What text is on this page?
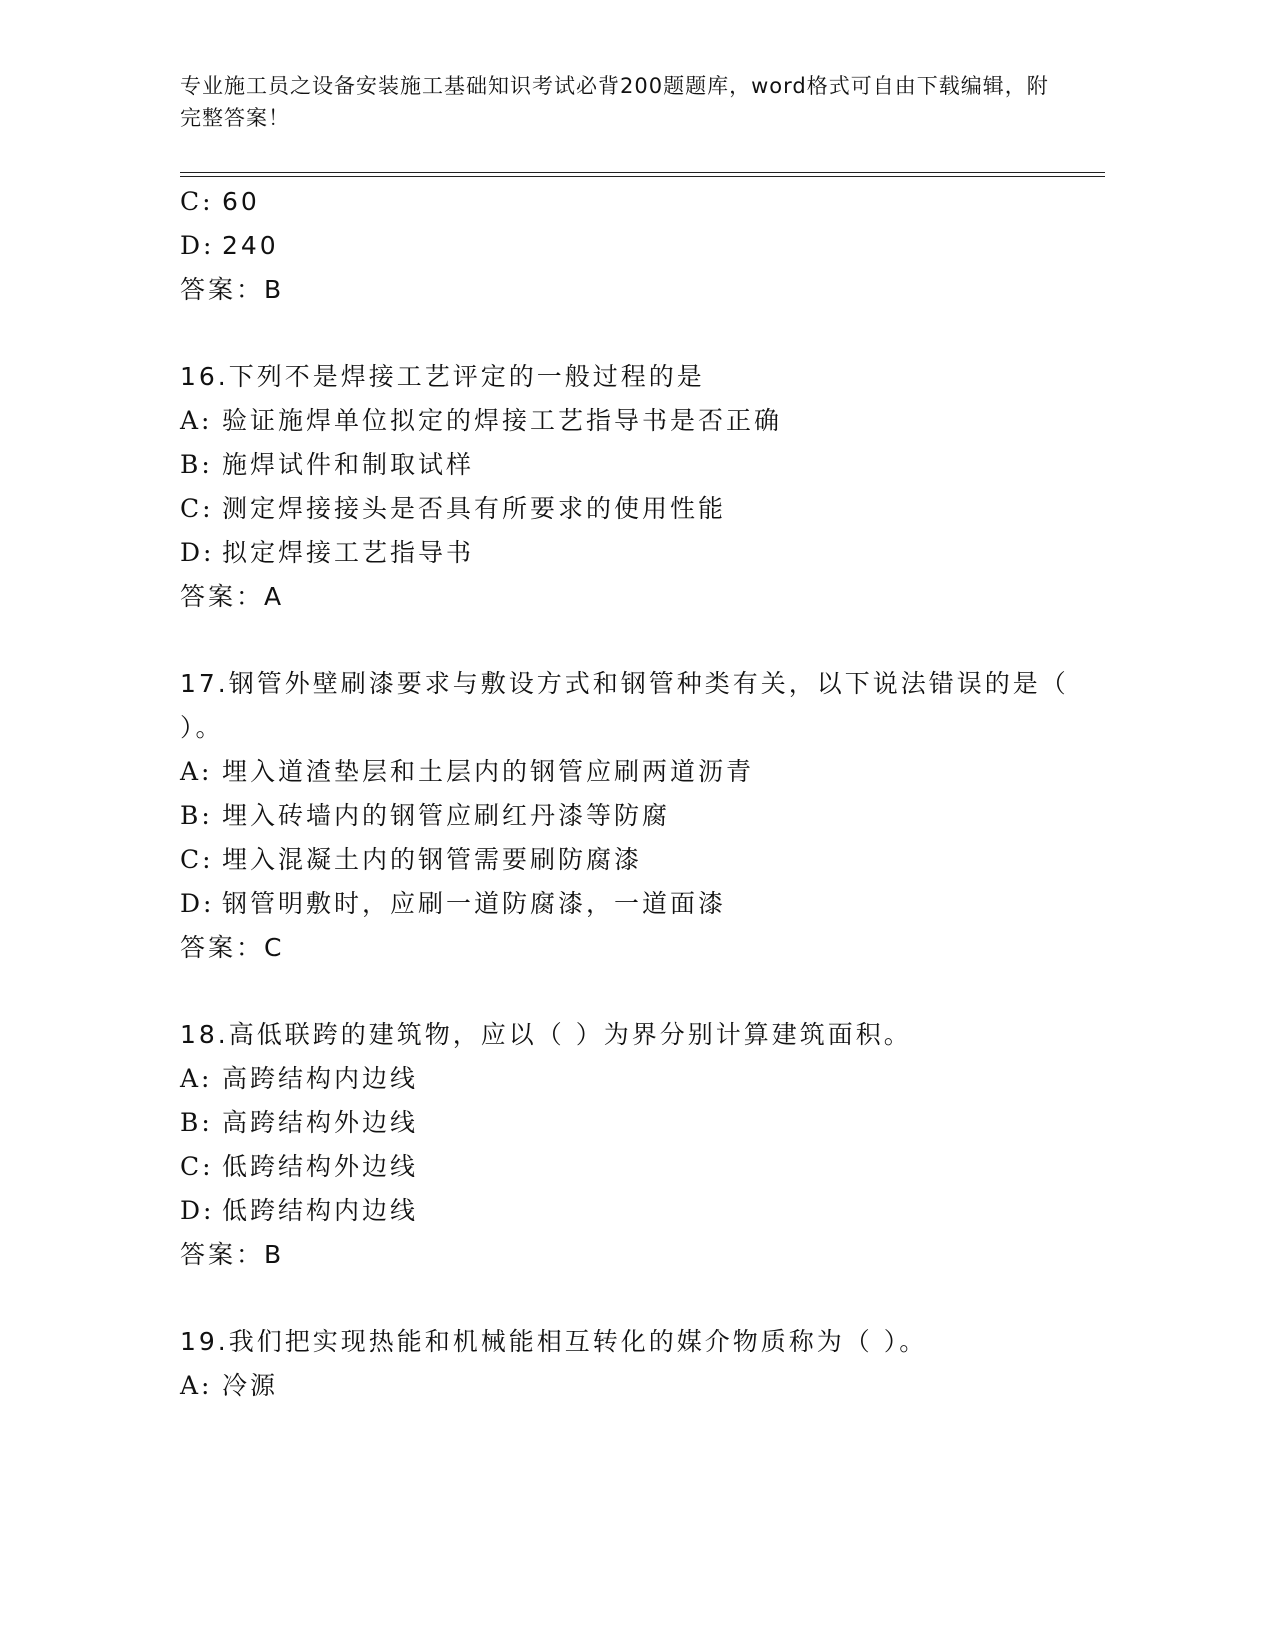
专业施工员之设备安装施工基础知识考试必背200题题库，word格式可自由下载编辑，附完整答案！
C: 60
D: 240
答案：B
16.下列不是焊接工艺评定的一般过程的是
A: 验证施焊单位拟定的焊接工艺指导书是否正确
B: 施焊试件和制取试样
C: 测定焊接接头是否具有所要求的使用性能
D: 拟定焊接工艺指导书
答案：A
17.钢管外壁刷漆要求与敷设方式和钢管种类有关，以下说法错误的是（ ）。
A: 埋入道渣垫层和土层内的钢管应刷两道沥青
B: 埋入砖墙内的钢管应刷红丹漆等防腐
C: 埋入混凝土内的钢管需要刷防腐漆
D: 钢管明敷时，应刷一道防腐漆，一道面漆
答案：C
18.高低联跨的建筑物，应以（ ）为界分别计算建筑面积。
A: 高跨结构内边线
B: 高跨结构外边线
C: 低跨结构外边线
D: 低跨结构内边线
答案：B
19.我们把实现热能和机械能相互转化的媒介物质称为（ ）。
A: 冷源
